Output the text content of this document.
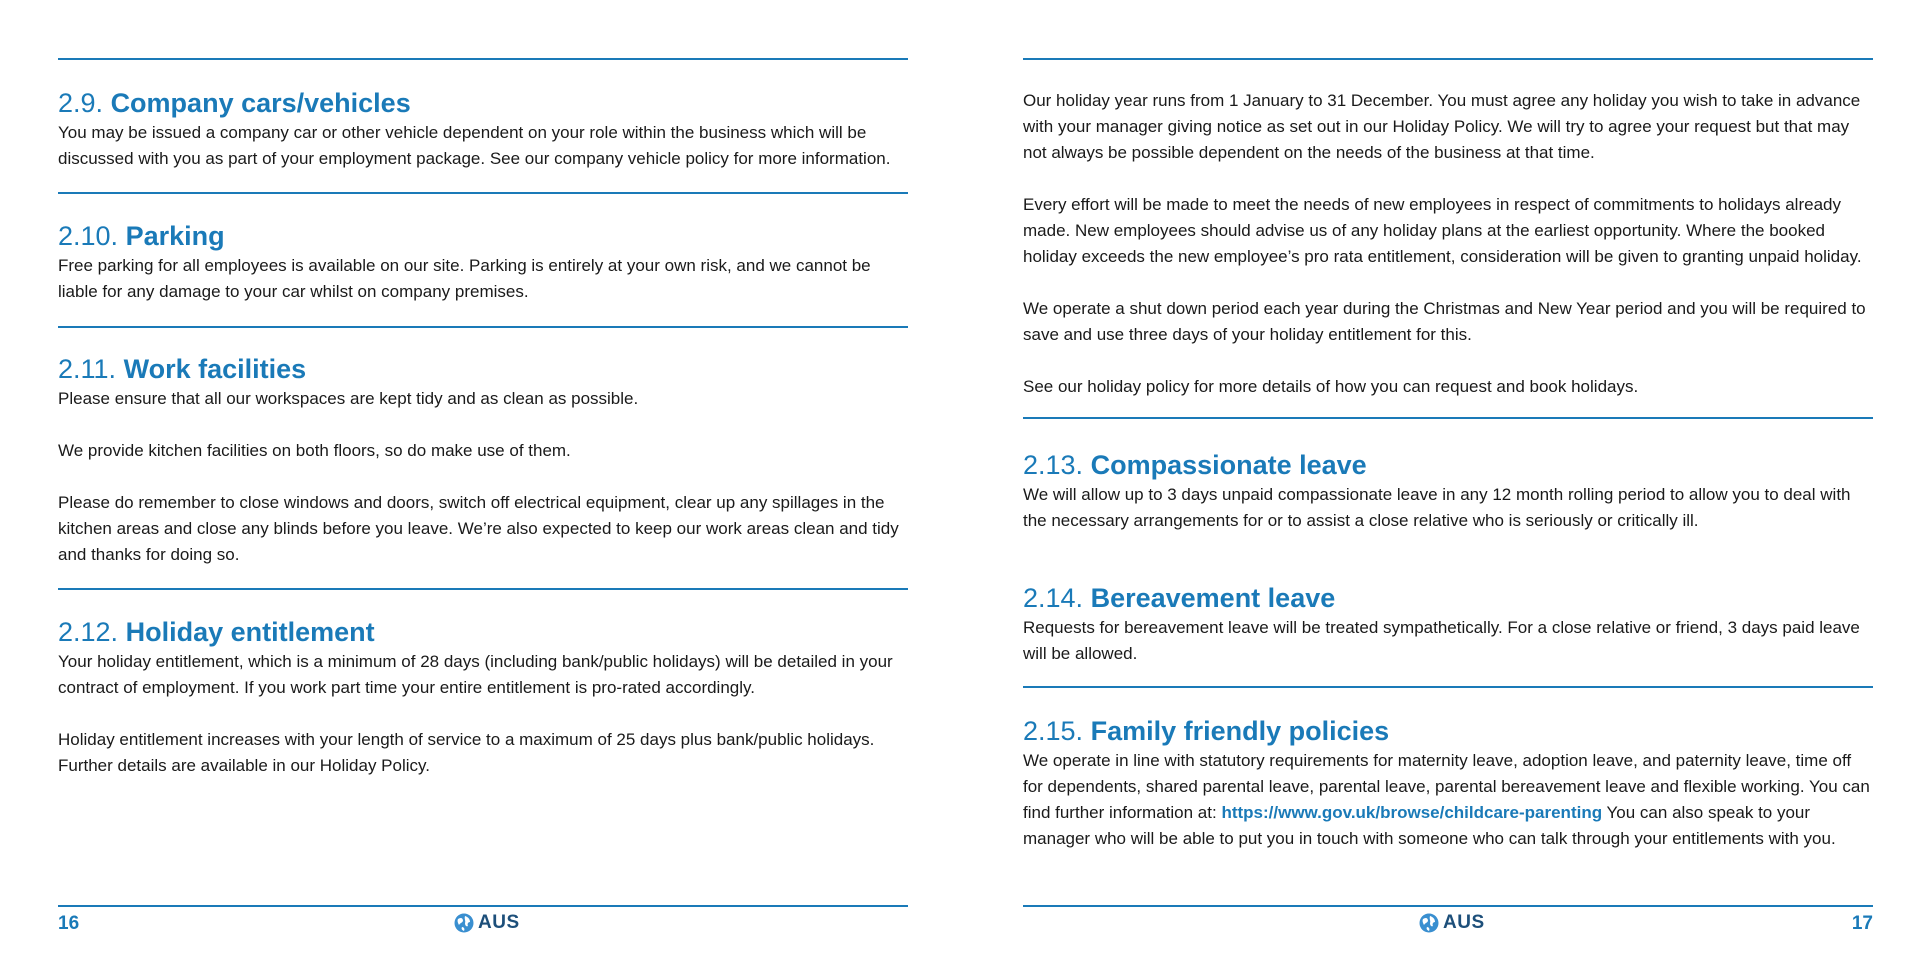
2.9. Company cars/vehicles

You may be issued a company car or other vehicle dependent on your role within the business which will be discussed with you as part of your employment package. See our company vehicle policy for more information.

2.10. Parking

Free parking for all employees is available on our site. Parking is entirely at your own risk, and we cannot be liable for any damage to your car whilst on company premises.

2.11. Work facilities

Please ensure that all our workspaces are kept tidy and as clean as possible.

We provide kitchen facilities on both floors, so do make use of them.

Please do remember to close windows and doors, switch off electrical equipment, clear up any spillages in the kitchen areas and close any blinds before you leave. We’re also expected to keep our work areas clean and tidy and thanks for doing so.

2.12. Holiday entitlement

Your holiday entitlement, which is a minimum of 28 days (including bank/public holidays) will be detailed in your contract of employment. If you work part time your entire entitlement is pro-rated accordingly.

Holiday entitlement increases with your length of service to a maximum of 25 days plus bank/public holidays. Further details are available in our Holiday Policy.

16	AUS

Our holiday year runs from 1 January to 31 December. You must agree any holiday you wish to take in advance with your manager giving notice as set out in our Holiday Policy. We will try to agree your request but that may not always be possible dependent on the needs of the business at that time.

Every effort will be made to meet the needs of new employees in respect of commitments to holidays already made. New employees should advise us of any holiday plans at the earliest opportunity. Where the booked holiday exceeds the new employee’s pro rata entitlement, consideration will be given to granting unpaid holiday.

We operate a shut down period each year during the Christmas and New Year period and you will be required to save and use three days of your holiday entitlement for this.

See our holiday policy for more details of how you can request and book holidays.

2.13. Compassionate leave

We will allow up to 3 days unpaid compassionate leave in any 12 month rolling period to allow you to deal with the necessary arrangements for or to assist a close relative who is seriously or critically ill.

2.14. Bereavement leave

Requests for bereavement leave will be treated sympathetically. For a close relative or friend, 3 days paid leave will be allowed.

2.15. Family friendly policies

We operate in line with statutory requirements for maternity leave, adoption leave, and paternity leave, time off for dependents, shared parental leave, parental leave, parental bereavement leave and flexible working. You can find further information at: https://www.gov.uk/browse/childcare-parenting You can also speak to your manager who will be able to put you in touch with someone who can talk through your entitlements with you.

AUS	17
